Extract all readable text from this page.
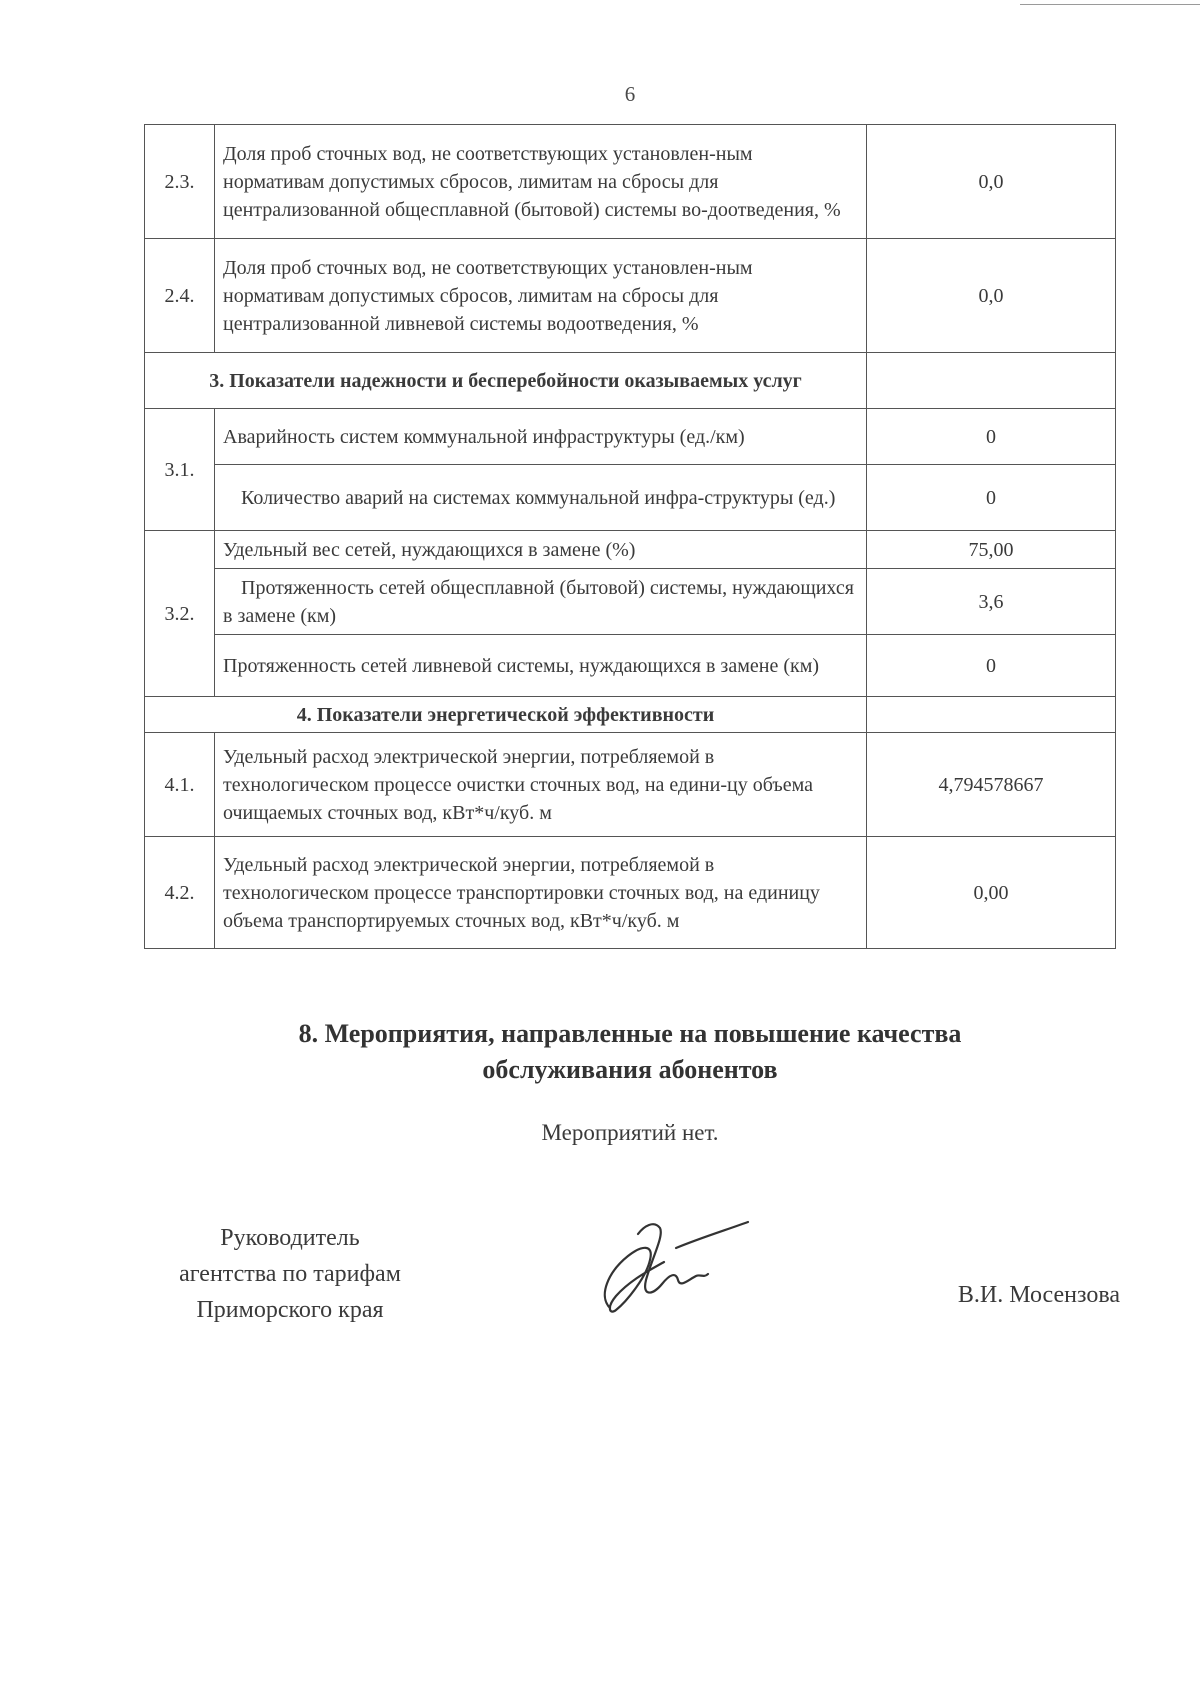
6
2.3.	Доля проб сточных вод, не соответствующих установлен-ным нормативам допустимых сбросов, лимитам на сбросы для централизованной общесплавной (бытовой) системы во-доотведения, %	0,0
2.4.	Доля проб сточных вод, не соответствующих установлен-ным нормативам допустимых сбросов, лимитам на сбросы для централизованной ливневой системы водоотведения, %	0,0
3. Показатели надежности и бесперебойности оказываемых услуг		
3.1.	Аварийность систем коммунальной инфраструктуры (ед./км)	0
	Количество аварий на системах коммунальной инфра-структуры (ед.)	0
3.2.	Удельный вес сетей, нуждающихся в замене (%)	75,00
	Протяженность сетей общесплавной (бытовой) системы, нуждающихся в замене (км)	3,6
	Протяженность сетей ливневой системы, нуждающихся в замене (км)	0
4. Показатели энергетической эффективности		
4.1.	Удельный расход электрической энергии, потребляемой в технологическом процессе очистки сточных вод, на едини-цу объема очищаемых сточных вод, кВт*ч/куб. м	4,794578667
4.2.	Удельный расход электрической энергии, потребляемой в технологическом процессе транспортировки сточных вод, на единицу объема транспортируемых сточных вод, кВт*ч/куб. м	0,00
8. Мероприятия, направленные на повышение качества обслуживания абонентов
Мероприятий нет.
Руководитель
агентства по тарифам
Приморского края
В.И. Мосензова
